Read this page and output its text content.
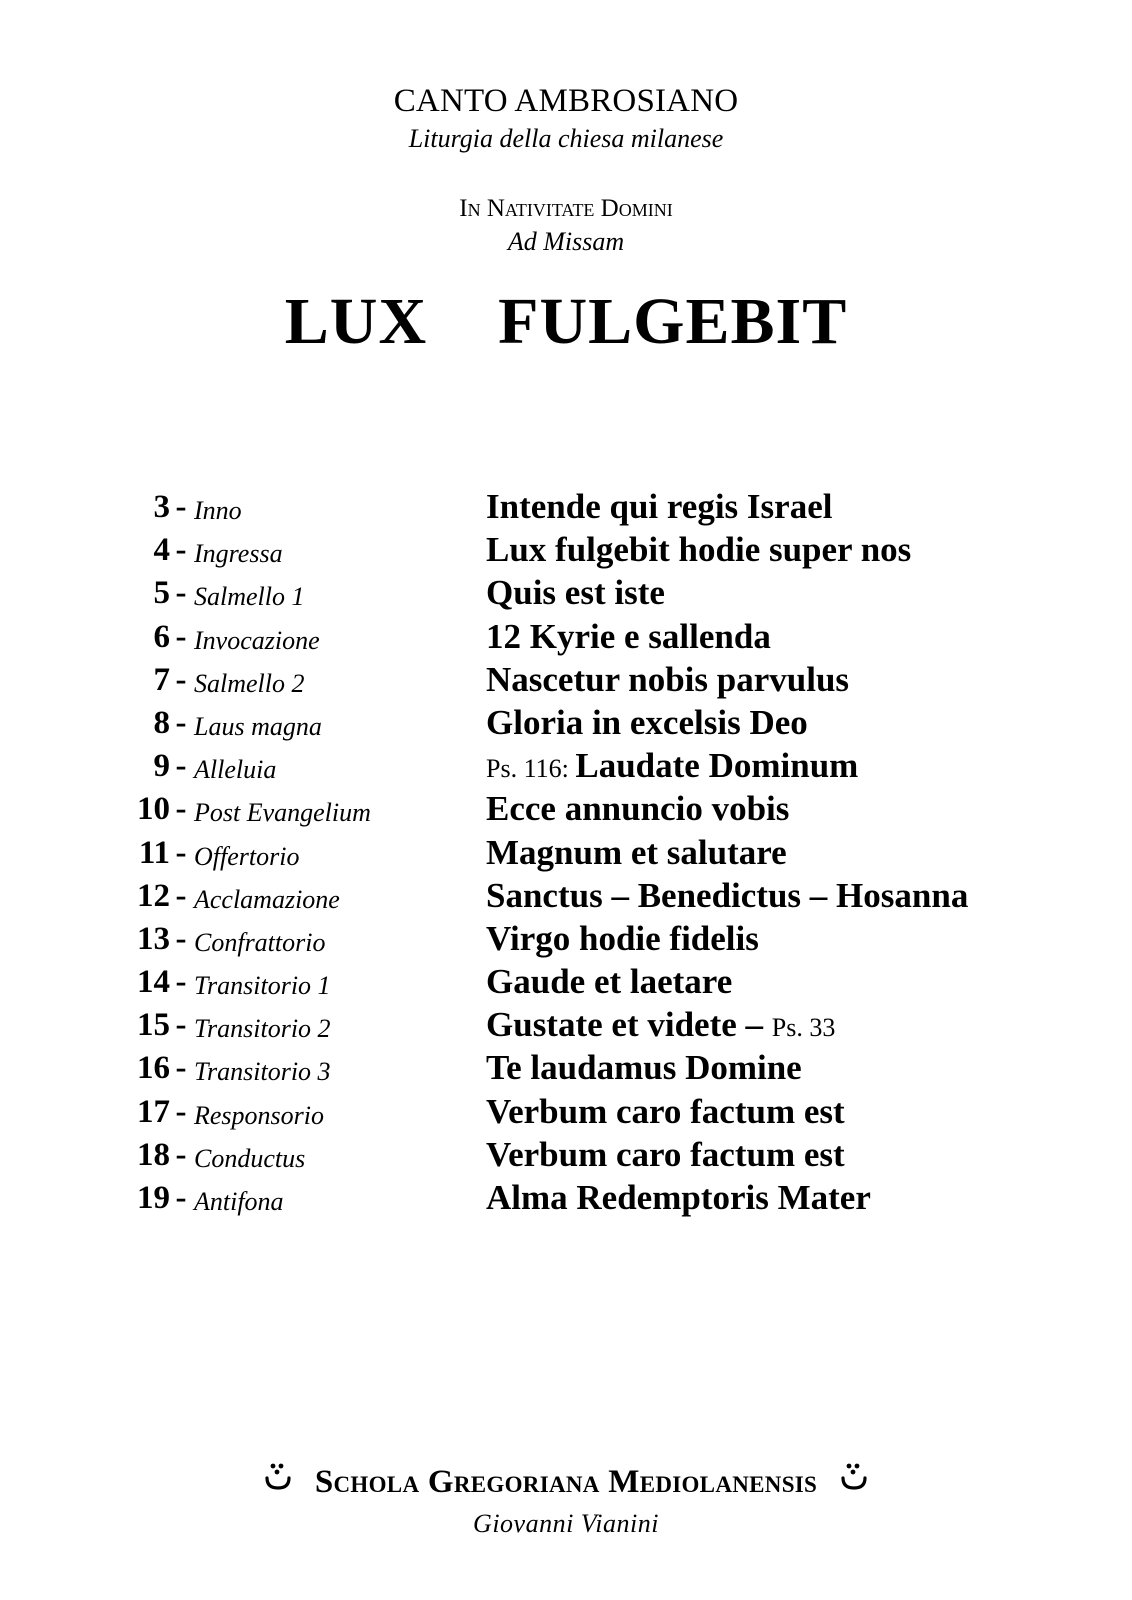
CANTO AMBROSIANO
Liturgia della chiesa milanese
In Nativitate Domini
Ad Missam
LUX  FULGEBIT
3 - Inno	Intende qui regis Israel
4 - Ingressa	Lux fulgebit hodie super nos
5 - Salmello 1	Quis est iste
6 - Invocazione	12 Kyrie e sallenda
7 - Salmello 2	Nascetur nobis parvulus
8 - Laus magna	Gloria in excelsis Deo
9 - Alleluia	Ps. 116: Laudate Dominum
10 - Post Evangelium	Ecce annuncio vobis
11 - Offertorio	Magnum et salutare
12 - Acclamazione	Sanctus – Benedictus – Hosanna
13 - Confrattorio	Virgo hodie fidelis
14 - Transitorio 1	Gaude et laetare
15 - Transitorio 2	Gustate et videte – Ps. 33
16 - Transitorio 3	Te laudamus Domine
17 - Responsorio	Verbum caro factum est
18 - Conductus	Verbum caro factum est
19 - Antifona	Alma Redemptoris Mater
Schola Gregoriana Mediolanensis
Giovanni Vianini
